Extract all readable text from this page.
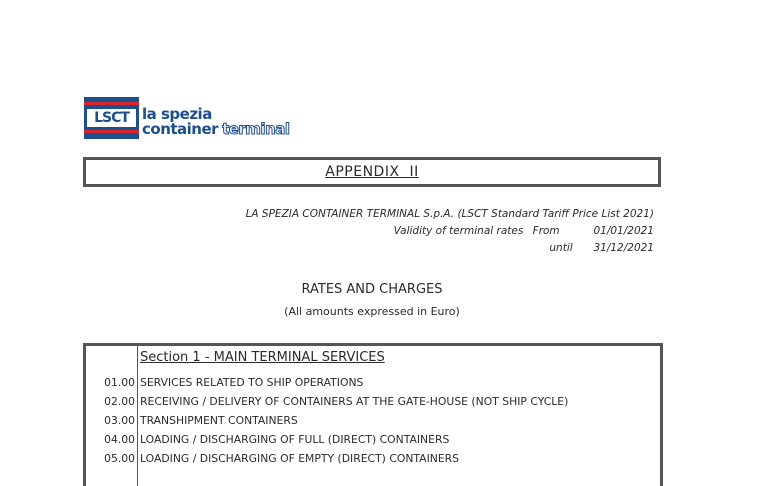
LSCT la spezia
container terminal
APPENDIX  II
LA SPEZIA CONTAINER TERMINAL S.p.A. (LSCT Standard Tariff Price List 2021)
Validity of terminal rates From	01/01/2021
until 31/12/2021
RATES AND CHARGES
(All amounts expressed in Euro)
Section 1 - MAIN TERMINAL SERVICES
01.00 SERVICES RELATED TO SHIP OPERATIONS
02.00 RECEIVING / DELIVERY OF CONTAINERS AT THE GATE-HOUSE (NOT SHIP CYCLE)
03.00 TRANSHIPMENT CONTAINERS
04.00 LOADING / DISCHARGING OF FULL (DIRECT) CONTAINERS
05.00 LOADING / DISCHARGING OF EMPTY (DIRECT) CONTAINERS
